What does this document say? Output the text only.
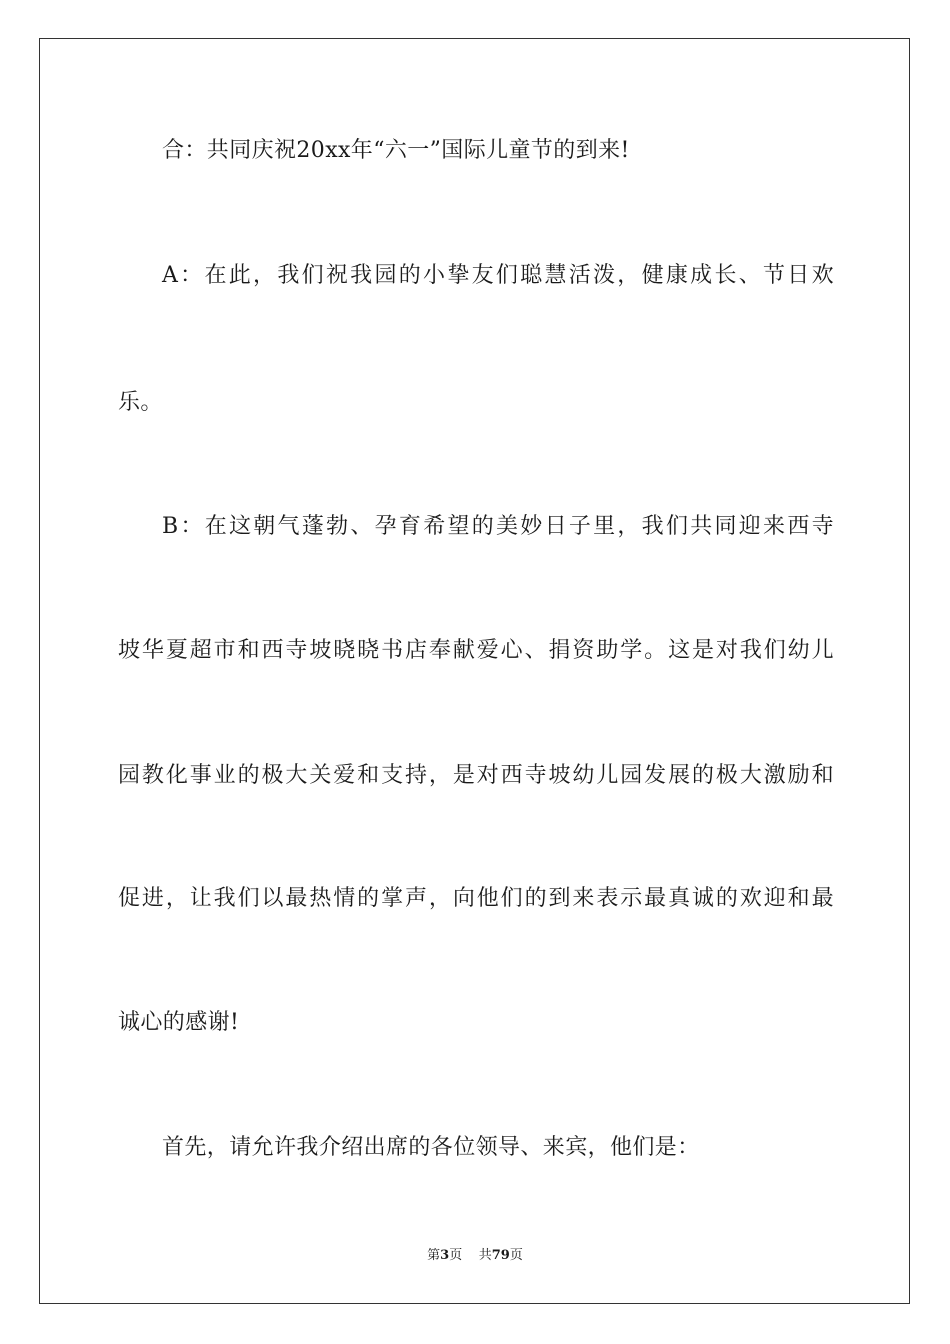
合：共同庆祝20xx年“六一”国际儿童节的到来!
A：在此，我们祝我园的小挚友们聪慧活泼，健康成长、节日欢
乐。
B：在这朝气蓬勃、孕育希望的美妙日子里，我们共同迎来西寺
坡华夏超市和西寺坡晓晓书店奉献爱心、捐资助学。这是对我们幼儿
园教化事业的极大关爱和支持，是对西寺坡幼儿园发展的极大激励和
促进，让我们以最热情的掌声，向他们的到来表示最真诚的欢迎和最
诚心的感谢!
首先，请允许我介绍出席的各位领导、来宾，他们是：
第3页 共79页
